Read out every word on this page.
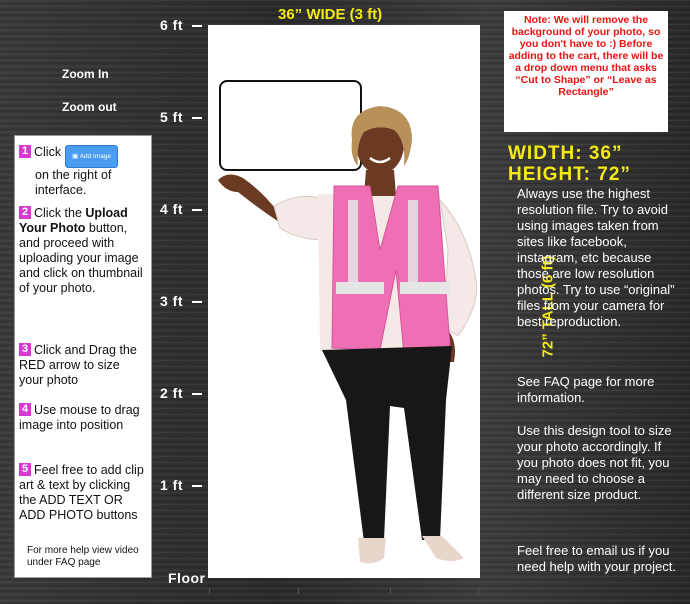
6 ft
5 ft
4 ft
3 ft
2 ft
1 ft
Floor
36” WIDE (3 ft)
Zoom In
Zoom out
1 Click ▣ Add Image
on the right of interface.
2 Click the Upload Your Photo button, and proceed with uploading your image and click on thumbnail of your photo.
3 Click and Drag the RED arrow to size your photo
4 Use mouse to drag image into position
5 Feel free to add clip art & text by clicking the ADD TEXT OR ADD PHOTO buttons
For more help view video under FAQ page
Note: We will remove the background of your photo, so you don't have to :) Before adding to the cart, there will be a drop down menu that asks “Cut to Shape” or “Leave as Rectangle”
WIDTH: 36”
HEIGHT: 72”
72” TALL (6 ft)
Always use the highest resolution file. Try to avoid using images taken from sites like facebook, instagram, etc because those are low resolution photos. Try to use “original” files from your camera for best reproduction.
See FAQ page for more information.
Use this design tool to size your photo accordingly. If you photo does not fit, you may need to choose a different size product.
Feel free to email us if you need help with your project.
